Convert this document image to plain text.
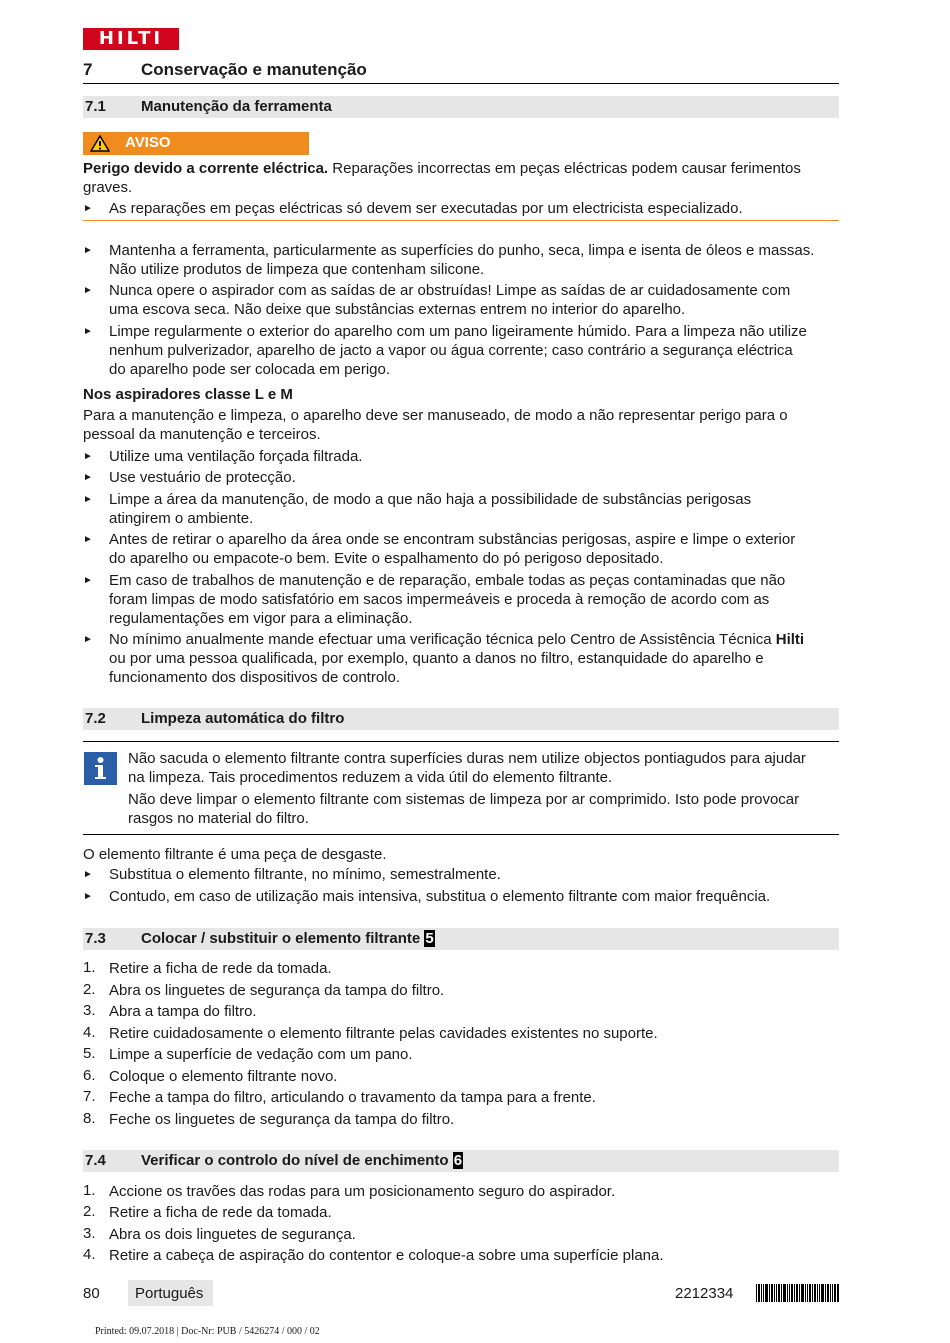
HILTI
7	Conservação e manutenção
7.1 Manutenção da ferramenta
AVISO
Perigo devido a corrente eléctrica. Reparações incorrectas em peças eléctricas podem causar ferimentos
graves.
► As reparações em peças eléctricas só devem ser executadas por um electricista especializado.
► Mantenha a ferramenta, particularmente as superfícies do punho, seca, limpa e isenta de óleos e massas.
Não utilize produtos de limpeza que contenham silicone.
► Nunca opere o aspirador com as saídas de ar obstruídas! Limpe as saídas de ar cuidadosamente com
uma escova seca. Não deixe que substâncias externas entrem no interior do aparelho.
► Limpe regularmente o exterior do aparelho com um pano ligeiramente húmido. Para a limpeza não utilize
nenhum pulverizador, aparelho de jacto a vapor ou água corrente; caso contrário a segurança eléctrica
do aparelho pode ser colocada em perigo.
Nos aspiradores classe L e M
Para a manutenção e limpeza, o aparelho deve ser manuseado, de modo a não representar perigo para o
pessoal da manutenção e terceiros.
► Utilize uma ventilação forçada filtrada.
► Use vestuário de protecção.
► Limpe a área da manutenção, de modo a que não haja a possibilidade de substâncias perigosas
atingirem o ambiente.
► Antes de retirar o aparelho da área onde se encontram substâncias perigosas, aspire e limpe o exterior
do aparelho ou empacote-o bem. Evite o espalhamento do pó perigoso depositado.
► Em caso de trabalhos de manutenção e de reparação, embale todas as peças contaminadas que não
foram limpas de modo satisfatório em sacos impermeáveis e proceda à remoção de acordo com as
regulamentações em vigor para a eliminação.
► No mínimo anualmente mande efectuar uma verificação técnica pelo Centro de Assistência Técnica Hilti
ou por uma pessoa qualificada, por exemplo, quanto a danos no filtro, estanquidade do aparelho e
funcionamento dos dispositivos de controlo.
7.2 Limpeza automática do filtro
Não sacuda o elemento filtrante contra superfícies duras nem utilize objectos pontiagudos para ajudar
na limpeza. Tais procedimentos reduzem a vida útil do elemento filtrante.
Não deve limpar o elemento filtrante com sistemas de limpeza por ar comprimido. Isto pode provocar
rasgos no material do filtro.
O elemento filtrante é uma peça de desgaste.
► Substitua o elemento filtrante, no mínimo, semestralmente.
► Contudo, em caso de utilização mais intensiva, substitua o elemento filtrante com maior frequência.
7.3 Colocar / substituir o elemento filtrante 5
1. Retire a ficha de rede da tomada.
2. Abra os linguetes de segurança da tampa do filtro.
3. Abra a tampa do filtro.
4. Retire cuidadosamente o elemento filtrante pelas cavidades existentes no suporte.
5. Limpe a superfície de vedação com um pano.
6. Coloque o elemento filtrante novo.
7. Feche a tampa do filtro, articulando o travamento da tampa para a frente.
8. Feche os linguetes de segurança da tampa do filtro.
7.4 Verificar o controlo do nível de enchimento 6
1. Accione os travões das rodas para um posicionamento seguro do aspirador.
2. Retire a ficha de rede da tomada.
3. Abra os dois linguetes de segurança.
4. Retire a cabeça de aspiração do contentor e coloque-a sobre uma superfície plana.
80 Português	2212334
Printed: 09.07.2018 | Doc-Nr: PUB / 5426274 / 000 / 02
